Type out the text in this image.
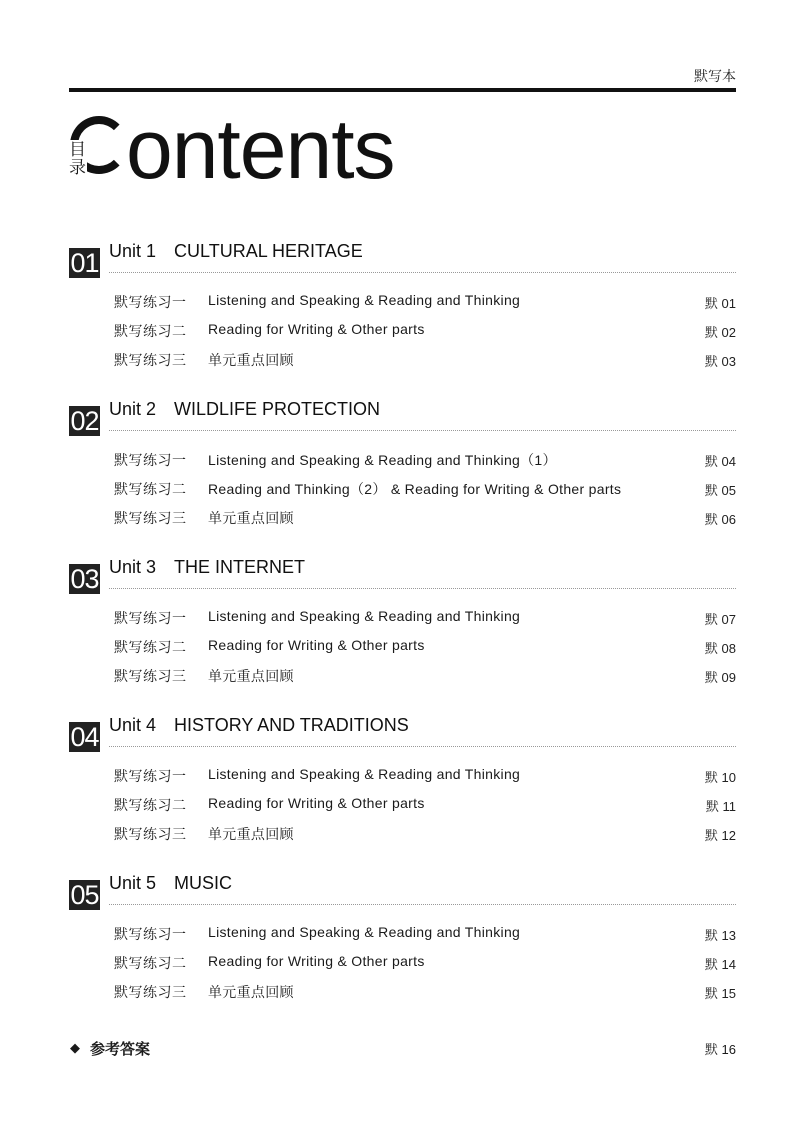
默写本
目录 ontents
01 Unit 1 CULTURAL HERITAGE
默写练习一 Listening and Speaking & Reading and Thinking	默 01
默写练习二 Reading for Writing & Other parts	默 02
默写练习三 单元重点回顾	默 03
02 Unit 2 WILDLIFE PROTECTION
默写练习一 Listening and Speaking & Reading and Thinking（1）	默 04
默写练习二 Reading and Thinking（2） & Reading for Writing & Other parts	默 05
默写练习三 单元重点回顾	默 06
03 Unit 3 THE INTERNET
默写练习一 Listening and Speaking & Reading and Thinking	默 07
默写练习二 Reading for Writing & Other parts	默 08
默写练习三 单元重点回顾	默 09
04 Unit 4 HISTORY AND TRADITIONS
默写练习一 Listening and Speaking & Reading and Thinking	默 10
默写练习二 Reading for Writing & Other parts	默 11
默写练习三 单元重点回顾	默 12
05 Unit 5 MUSIC
默写练习一 Listening and Speaking & Reading and Thinking	默 13
默写练习二 Reading for Writing & Other parts	默 14
默写练习三 单元重点回顾	默 15
◆ 参考答案	默 16
